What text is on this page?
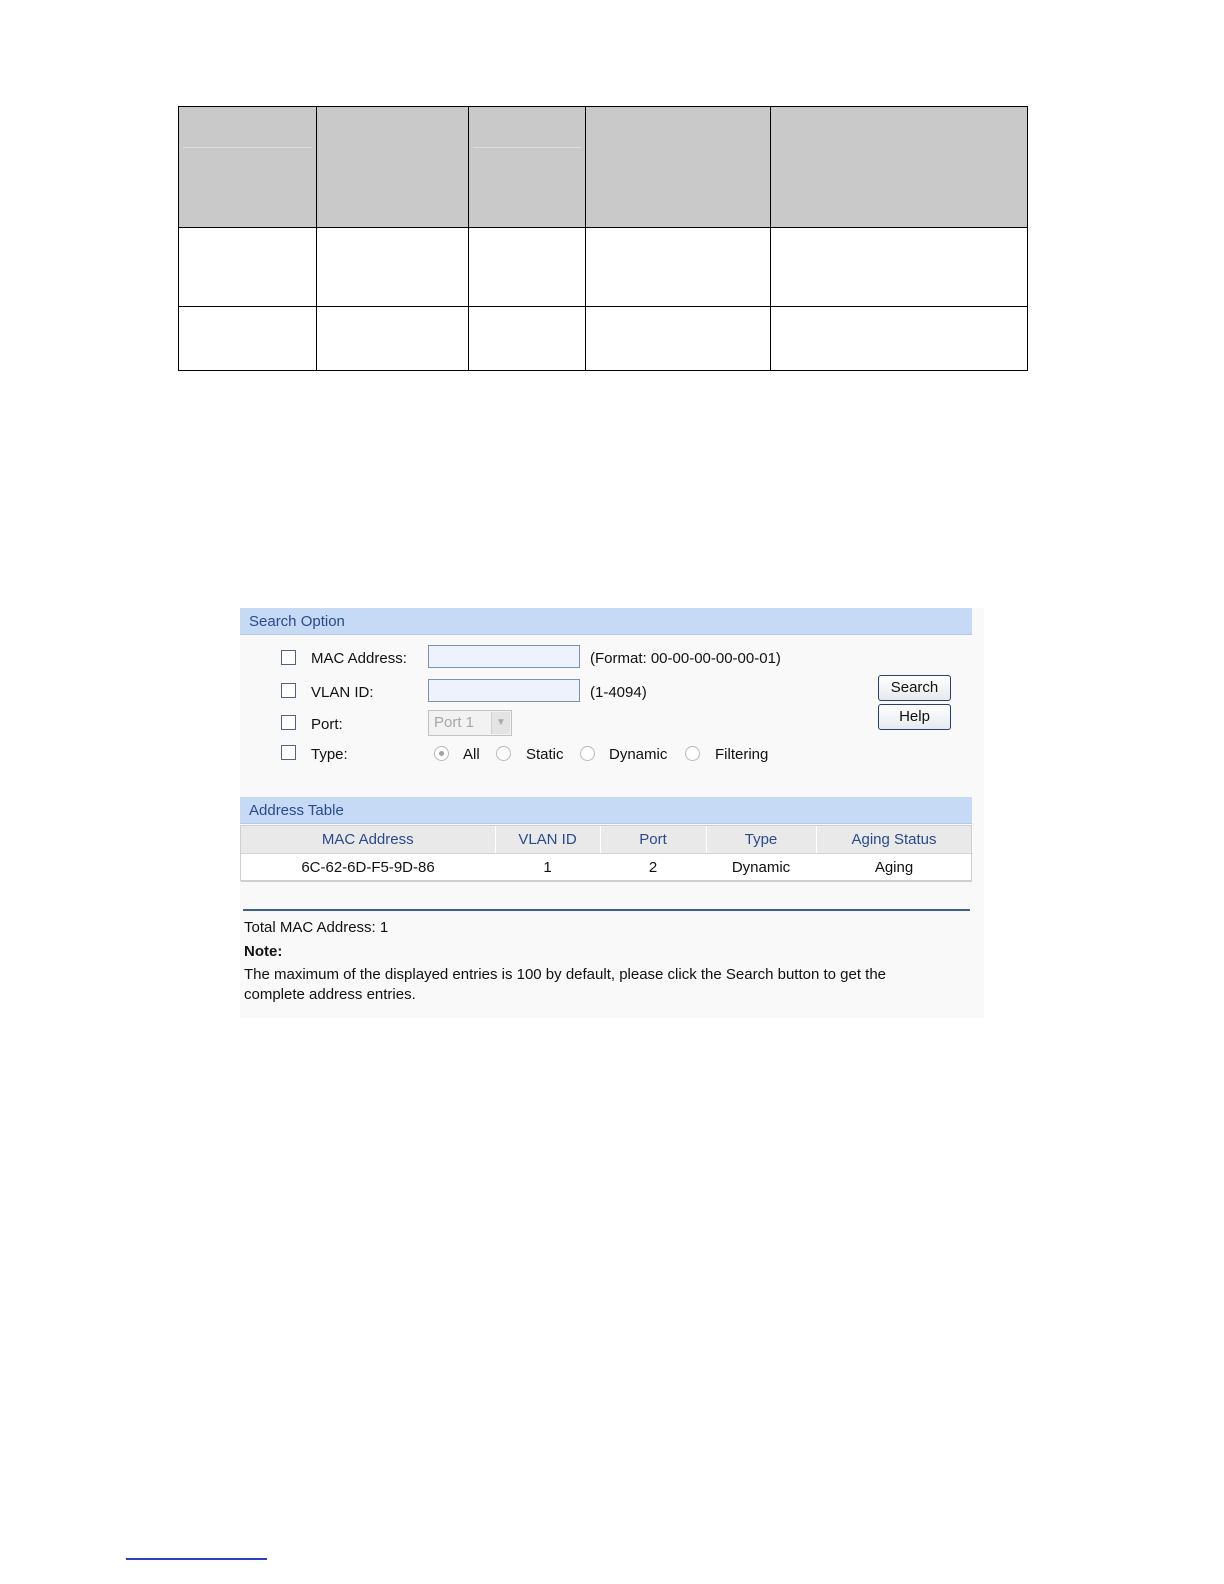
Search Option
MAC Address:	(Format: 00-00-00-00-00-01)
VLAN ID:	(1-4094)
Port:	Port 1	▼
Type:	All	Static	Dynamic	Filtering
Search
Help
Address Table
MAC Address	VLAN ID	Port	Type	Aging Status
6C-62-6D-F5-9D-86	1	2	Dynamic	Aging
Total MAC Address: 1
Note:
The maximum of the displayed entries is 100 by default, please click the Search button to get the complete address entries.
